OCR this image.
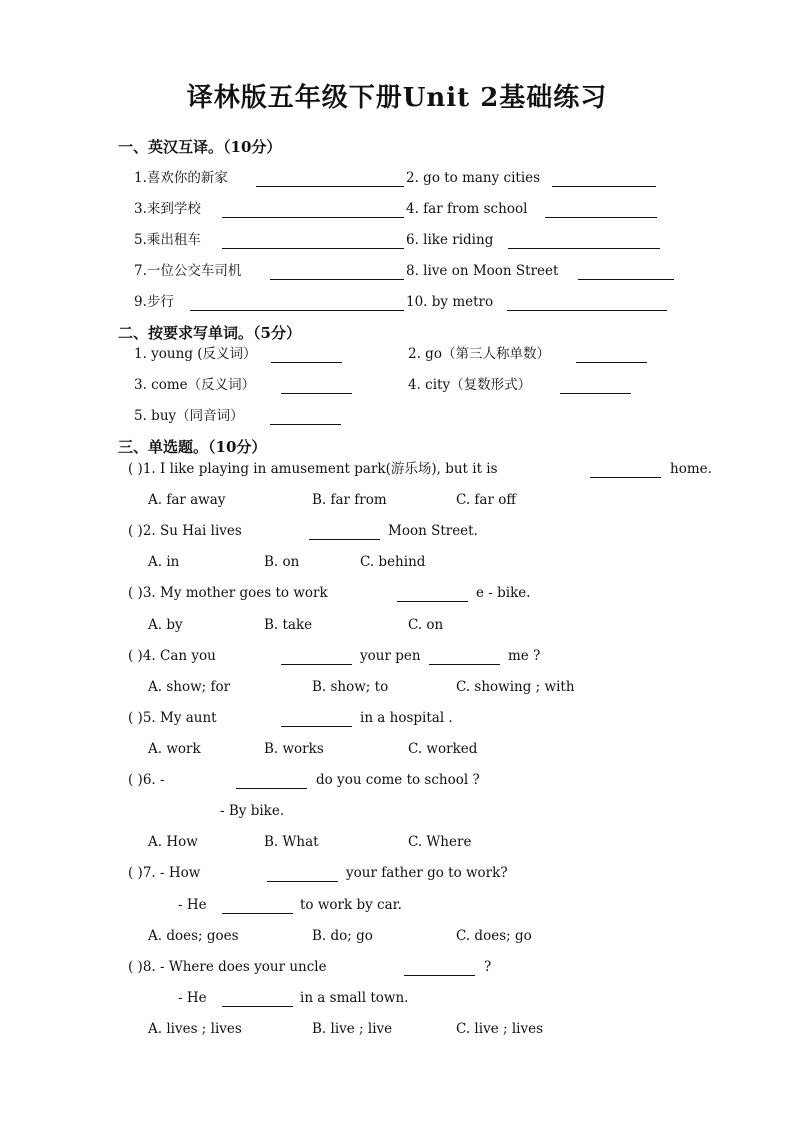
译林版五年级下册Unit 2基础练习
一、英汉互译。（10分）
1.喜欢你的新家	2. go to many cities
3.来到学校	4. far from school
5.乘出租车	6. like riding
7.一位公交车司机	8. live on Moon Street
9.步行	10. by metro
二、按要求写单词。（5分）
1. young (反义词）	2. go（第三人称单数）
3. come（反义词）	4. city（复数形式）
5. buy（同音词）
三、单选题。（10分）
( )1. I like playing in amusement park(游乐场), but it is	home.
A. far away	B. far from	C. far off
( )2. Su Hai lives	Moon Street.
A. in	B. on	C. behind
( )3. My mother goes to work	e - bike.
A. by	B. take	C. on
( )4. Can you	your pen	me ?
A. show; for	B. show; to	C. showing ; with
( )5. My aunt	in a hospital .
A. work	B. works	C. worked
( )6. -	do you come to school ?
- By bike.
A. How	B. What	C. Where
( )7. - How	your father go to work?
- He	to work by car.
A. does; goes	B. do; go	C. does; go
( )8. - Where does your uncle	?
- He	in a small town.
A. lives ; lives	B. live ; live	C. live ; lives
